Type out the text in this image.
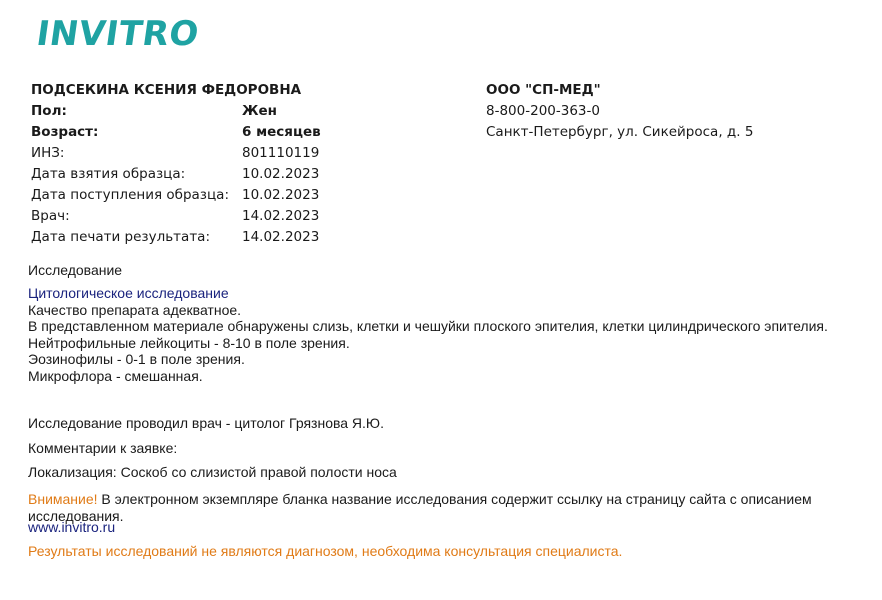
INVITRO
ПОДСЕКИНА КСЕНИЯ ФЕДОРОВНА
Пол:	Жен
Возраст:	6 месяцев
ИНЗ:	801110119
Дата взятия образца:	10.02.2023
Дата поступления образца: 10.02.2023
Врач:	14.02.2023
Дата печати результата:	14.02.2023
ООО "СП-МЕД"
8-800-200-363-0
Санкт-Петербург, ул. Сикейроса, д. 5
Исследование
Цитологическое исследование
Качество препарата адекватное.
В представленном материале обнаружены слизь, клетки и чешуйки плоского эпителия, клетки цилиндрического эпителия.
Нейтрофильные лейкоциты - 8-10 в поле зрения.
Эозинофилы - 0-1 в поле зрения.
Микрофлора - смешанная.
Исследование проводил врач - цитолог Грязнова Я.Ю.
Комментарии к заявке:
Локализация: Соскоб со слизистой правой полости носа
Внимание! В электронном экземпляре бланка название исследования содержит ссылку на страницу сайта с описанием исследования.
www.invitro.ru
Результаты исследований не являются диагнозом, необходима консультация специалиста.
